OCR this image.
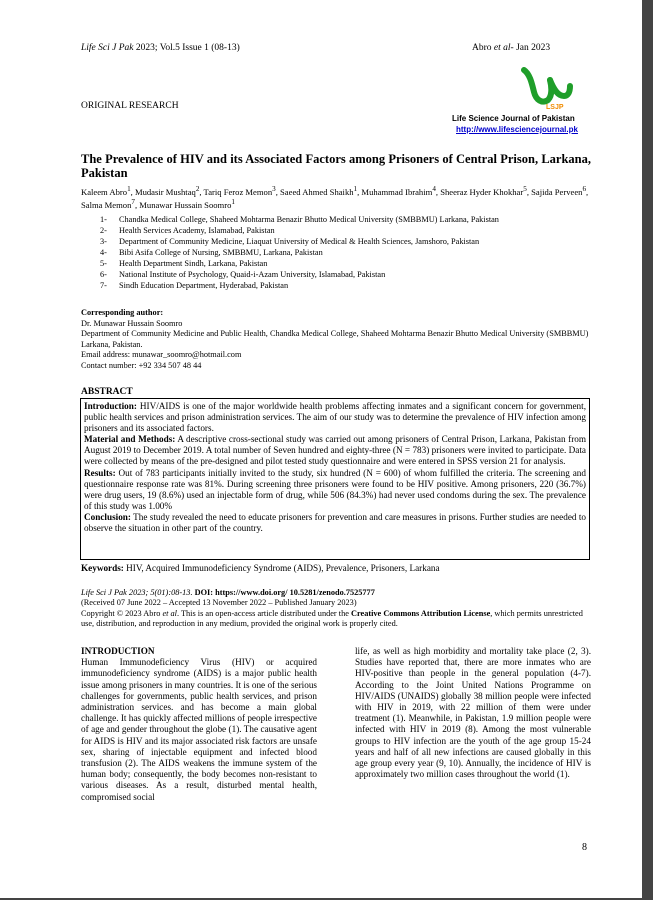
Life Sci J Pak 2023; Vol.5 Issue 1 (08-13)	Abro et al- Jan 2023
LSJP
ORIGINAL RESEARCH
Life Science Journal of Pakistan
http://www.lifesciencejournal.pk
The Prevalence of HIV and its Associated Factors among Prisoners of Central Prison, Larkana, Pakistan
Kaleem Abro$^1$, Mudasir Mushtaq$^2$, Tariq Feroz Memon$^3$, Saeed Ahmed Shaikh$^1$, Muhammad Ibrahim$^4$, Sheeraz Hyder Khokhar$^5$, Sajida Perveen$^6$, Salma Memon$^7$, Munawar Hussain Soomro$^1$
1-	Chandka Medical College, Shaheed Mohtarma Benazir Bhutto Medical University (SMBBMU) Larkana, Pakistan
2-	Health Services Academy, Islamabad, Pakistan
3-	Department of Community Medicine, Liaquat University of Medical & Health Sciences, Jamshoro, Pakistan
4-	Bibi Asifa College of Nursing, SMBBMU, Larkana, Pakistan
5-	Health Department Sindh, Larkana, Pakistan
6-	National Institute of Psychology, Quaid-i-Azam University, Islamabad, Pakistan
7-	Sindh Education Department, Hyderabad, Pakistan
Corresponding author:
Dr. Munawar Hussain Soomro
Department of Community Medicine and Public Health, Chandka Medical College, Shaheed Mohtarma Benazir Bhutto Medical University (SMBBMU) Larkana, Pakistan.
Email address: munawar_soomro@hotmail.com
Contact number: +92 334 507 48 44
ABSTRACT

Introduction: HIV/AIDS is one of the major worldwide health problems affecting inmates and a significant concern for government, public health services and prison administration services. The aim of our study was to determine the prevalence of HIV infection among prisoners and its associated factors.

Material and Methods: A descriptive cross-sectional study was carried out among prisoners of Central Prison, Larkana, Pakistan from August 2019 to December 2019. A total number of Seven hundred and eighty-three (N = 783) prisoners were invited to participate. Data were collected by means of the pre-designed and pilot tested study questionnaire and were entered in SPSS version 21 for analysis.

Results: Out of 783 participants initially invited to the study, six hundred (N = 600) of whom fulfilled the criteria. The screening and questionnaire response rate was 81%. During screening three prisoners were found to be HIV positive. Among prisoners, 220 (36.7%) were drug users, 19 (8.6%) used an injectable form of drug, while 506 (84.3%) had never used condoms during the sex. The prevalence of this study was 1.00%

Conclusion: The study revealed the need to educate prisoners for prevention and care measures in prisons. Further studies are needed to observe the situation in other part of the country.

Keywords: HIV, Acquired Immunodeficiency Syndrome (AIDS), Prevalence, Prisoners, Larkana
Life Sci J Pak 2023; 5(01):08-13. DOI: https://www.doi.org/ 10.5281/zenodo.7525777
(Received 07 June 2022 – Accepted 13 November 2022 – Published January 2023)
Copyright © 2023 Abro et al. This is an open-access article distributed under the Creative Commons Attribution License, which permits unrestricted use, distribution, and reproduction in any medium, provided the original work is properly cited.

INTRODUCTION

Human Immunodeficiency Virus (HIV) or acquired immunodeficiency syndrome (AIDS) is a major public health issue among prisoners in many countries. It is one of the serious challenges for governments, public health services, and prison administration services. and has become a main global challenge. It has quickly affected millions of people irrespective of age and gender throughout the globe (1). The causative agent for AIDS is HIV and its major associated risk factors are unsafe sex, sharing of injectable equipment and infected blood transfusion (2). The AIDS weakens the immune system of the human body; consequently, the body becomes non-resistant to various diseases. As a result, disturbed mental health, compromised social

life, as well as high morbidity and mortality take place (2, 3). Studies have reported that, there are more inmates who are HIV-positive than people in the general population (4-7). According to the Joint United Nations Programme on HIV/AIDS (UNAIDS) globally 38 million people were infected with HIV in 2019, with 22 million of them were under treatment (1). Meanwhile, in Pakistan, 1.9 million people were infected with HIV in 2019 (8). Among the most vulnerable groups to HIV infection are the youth of the age group 15-24 years and half of all new infections are caused globally in this age group every year (9, 10). Annually, the incidence of HIV is approximately two million cases throughout the world (1).

8
